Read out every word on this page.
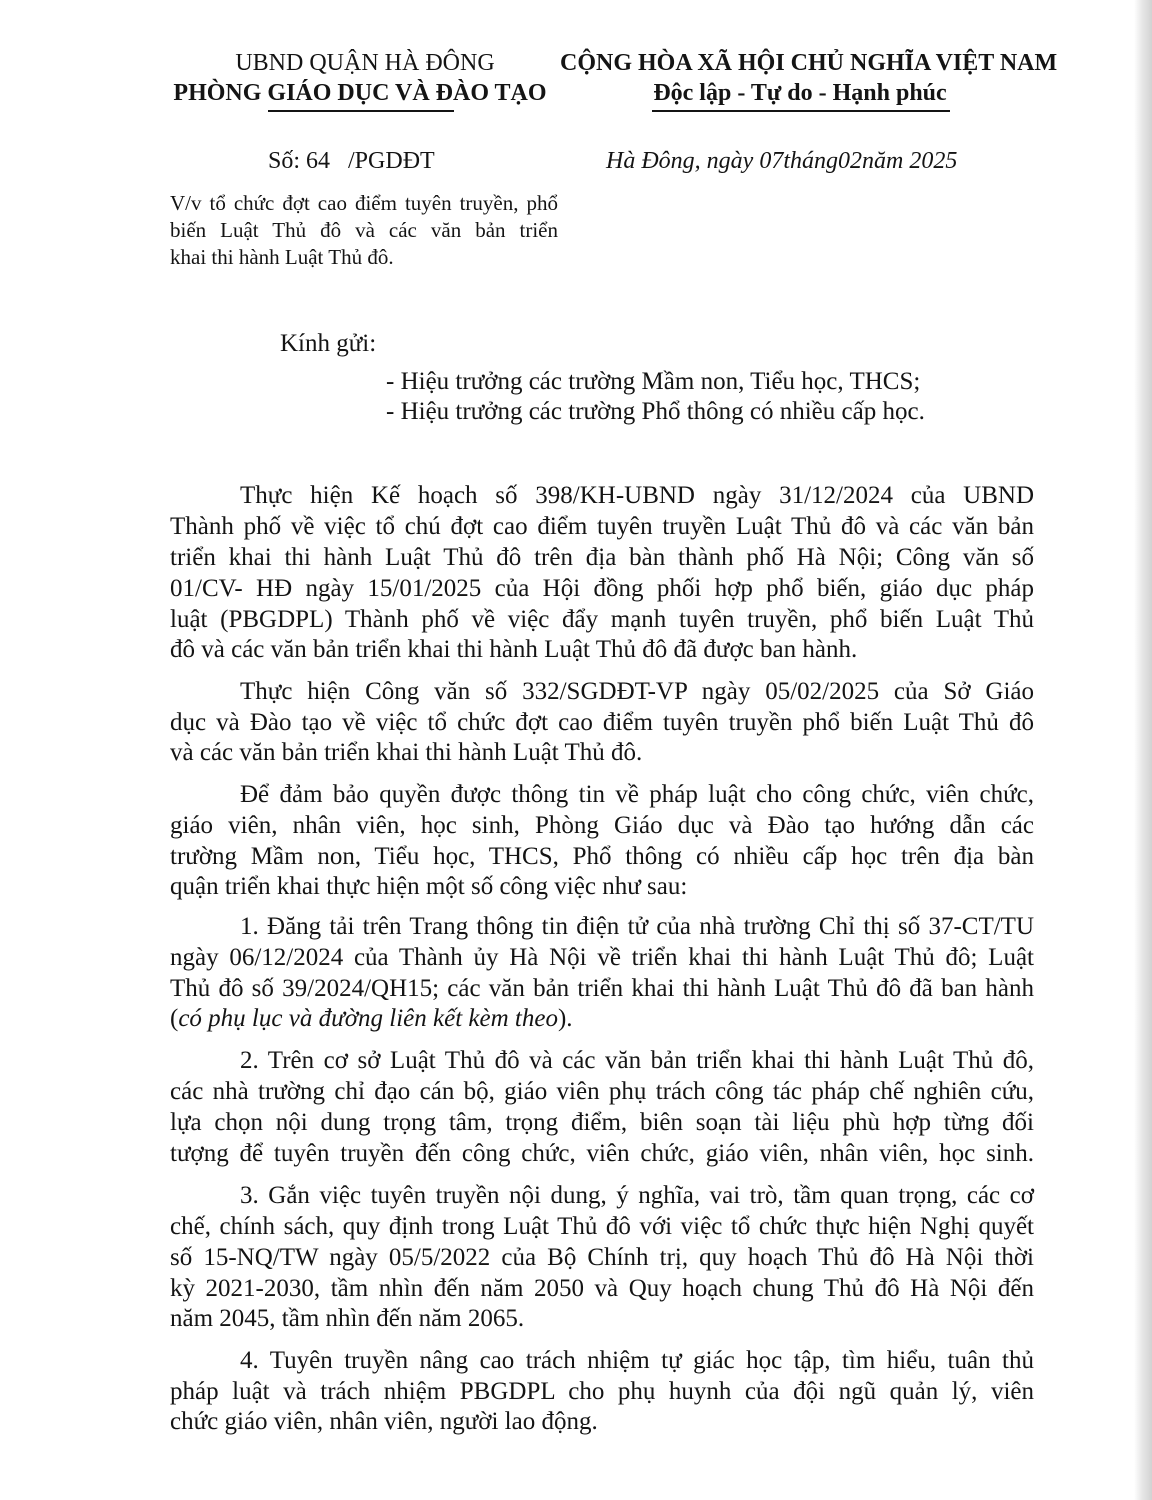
UBND QUẬN HÀ ĐÔNG
PHÒNG GIÁO DỤC VÀ ĐÀO TẠO
CỘNG HÒA XÃ HỘI CHỦ NGHĨA VIỆT NAM
Độc lập - Tự do - Hạnh phúc
Số: 64   /PGDĐT	Hà Đông, ngày 07tháng02năm 2025
V/v tổ chức đợt cao điểm tuyên truyền, phổ
biến Luật Thủ đô và các văn bản triển
khai thi hành Luật Thủ đô.
Kính gửi:
- Hiệu trưởng các trường Mầm non, Tiểu học, THCS;
- Hiệu trưởng các trường Phổ thông có nhiều cấp học.
Thực hiện Kế hoạch số 398/KH-UBND ngày 31/12/2024 của UBND
Thành phố về việc tổ chú đợt cao điểm tuyên truyền Luật Thủ đô và các văn bản
triển khai thi hành Luật Thủ đô trên địa bàn thành phố Hà Nội; Công văn số
01/CV- HĐ ngày 15/01/2025 của Hội đồng phối hợp phổ biến, giáo dục pháp
luật (PBGDPL) Thành phố về việc đẩy mạnh tuyên truyền, phổ biến Luật Thủ
đô và các văn bản triển khai thi hành Luật Thủ đô đã được ban hành.
Thực hiện Công văn số 332/SGDĐT-VP ngày 05/02/2025 của Sở Giáo
dục và Đào tạo về việc tổ chức đợt cao điểm tuyên truyền phổ biến Luật Thủ đô
và các văn bản triển khai thi hành Luật Thủ đô.
Để đảm bảo quyền được thông tin về pháp luật cho công chức, viên chức,
giáo viên, nhân viên, học sinh, Phòng Giáo dục và Đào tạo hướng dẫn các
trường Mầm non, Tiểu học, THCS, Phổ thông có nhiều cấp học trên địa bàn
quận triển khai thực hiện một số công việc như sau:
1. Đăng tải trên Trang thông tin điện tử của nhà trường Chỉ thị số 37-CT/TU
ngày 06/12/2024 của Thành ủy Hà Nội về triển khai thi hành Luật Thủ đô; Luật
Thủ đô số 39/2024/QH15; các văn bản triển khai thi hành Luật Thủ đô đã ban hành
(có phụ lục và đường liên kết kèm theo).
2. Trên cơ sở Luật Thủ đô và các văn bản triển khai thi hành Luật Thủ đô,
các nhà trường chỉ đạo cán bộ, giáo viên phụ trách công tác pháp chế nghiên cứu,
lựa chọn nội dung trọng tâm, trọng điểm, biên soạn tài liệu phù hợp từng đối
tượng để tuyên truyền đến công chức, viên chức, giáo viên, nhân viên, học sinh.
3. Gắn việc tuyên truyền nội dung, ý nghĩa, vai trò, tầm quan trọng, các cơ
chế, chính sách, quy định trong Luật Thủ đô với việc tổ chức thực hiện Nghị quyết
số 15-NQ/TW ngày 05/5/2022 của Bộ Chính trị, quy hoạch Thủ đô Hà Nội thời
kỳ 2021-2030, tầm nhìn đến năm 2050 và Quy hoạch chung Thủ đô Hà Nội đến
năm 2045, tầm nhìn đến năm 2065.
4. Tuyên truyền nâng cao trách nhiệm tự giác học tập, tìm hiểu, tuân thủ
pháp luật và trách nhiệm PBGDPL cho phụ huynh của đội ngũ quản lý, viên
chức giáo viên, nhân viên, người lao động.
